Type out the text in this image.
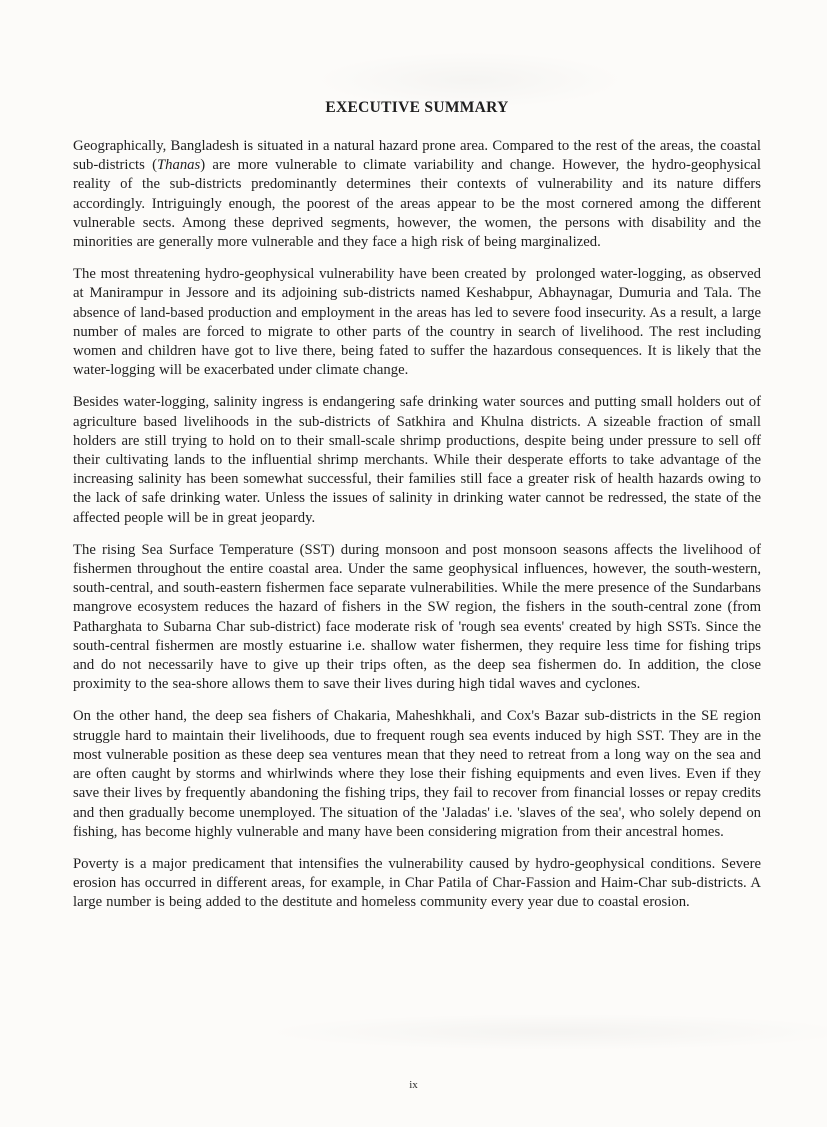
EXECUTIVE SUMMARY

Geographically, Bangladesh is situated in a natural hazard prone area. Compared to the rest of the areas, the coastal sub-districts (Thanas) are more vulnerable to climate variability and change. However, the hydro-geophysical reality of the sub-districts predominantly determines their contexts of vulnerability and its nature differs accordingly. Intriguingly enough, the poorest of the areas appear to be the most cornered among the different vulnerable sects. Among these deprived segments, however, the women, the persons with disability and the minorities are generally more vulnerable and they face a high risk of being marginalized.

The most threatening hydro-geophysical vulnerability have been created by  prolonged water-logging, as observed at Manirampur in Jessore and its adjoining sub-districts named Keshabpur, Abhaynagar, Dumuria and Tala. The absence of land-based production and employment in the areas has led to severe food insecurity. As a result, a large number of males are forced to migrate to other parts of the country in search of livelihood. The rest including women and children have got to live there, being fated to suffer the hazardous consequences. It is likely that the water-logging will be exacerbated under climate change.

Besides water-logging, salinity ingress is endangering safe drinking water sources and putting small holders out of agriculture based livelihoods in the sub-districts of Satkhira and Khulna districts. A sizeable fraction of small holders are still trying to hold on to their small-scale shrimp productions, despite being under pressure to sell off their cultivating lands to the influential shrimp merchants. While their desperate efforts to take advantage of the increasing salinity has been somewhat successful, their families still face a greater risk of health hazards owing to the lack of safe drinking water. Unless the issues of salinity in drinking water cannot be redressed, the state of the affected people will be in great jeopardy.

The rising Sea Surface Temperature (SST) during monsoon and post monsoon seasons affects the livelihood of fishermen throughout the entire coastal area. Under the same geophysical influences, however, the south-western, south-central, and south-eastern fishermen face separate vulnerabilities. While the mere presence of the Sundarbans mangrove ecosystem reduces the hazard of fishers in the SW region, the fishers in the south-central zone (from Patharghata to Subarna Char sub-district) face moderate risk of 'rough sea events' created by high SSTs. Since the south-central fishermen are mostly estuarine i.e. shallow water fishermen, they require less time for fishing trips and do not necessarily have to give up their trips often, as the deep sea fishermen do. In addition, the close proximity to the sea-shore allows them to save their lives during high tidal waves and cyclones.

On the other hand, the deep sea fishers of Chakaria, Maheshkhali, and Cox's Bazar sub-districts in the SE region struggle hard to maintain their livelihoods, due to frequent rough sea events induced by high SST. They are in the most vulnerable position as these deep sea ventures mean that they need to retreat from a long way on the sea and are often caught by storms and whirlwinds where they lose their fishing equipments and even lives. Even if they save their lives by frequently abandoning the fishing trips, they fail to recover from financial losses or repay credits and then gradually become unemployed. The situation of the 'Jaladas' i.e. 'slaves of the sea', who solely depend on fishing, has become highly vulnerable and many have been considering migration from their ancestral homes.

Poverty is a major predicament that intensifies the vulnerability caused by hydro-geophysical conditions. Severe erosion has occurred in different areas, for example, in Char Patila of Char-Fassion and Haim-Char sub-districts. A large number is being added to the destitute and homeless community every year due to coastal erosion.

ix
